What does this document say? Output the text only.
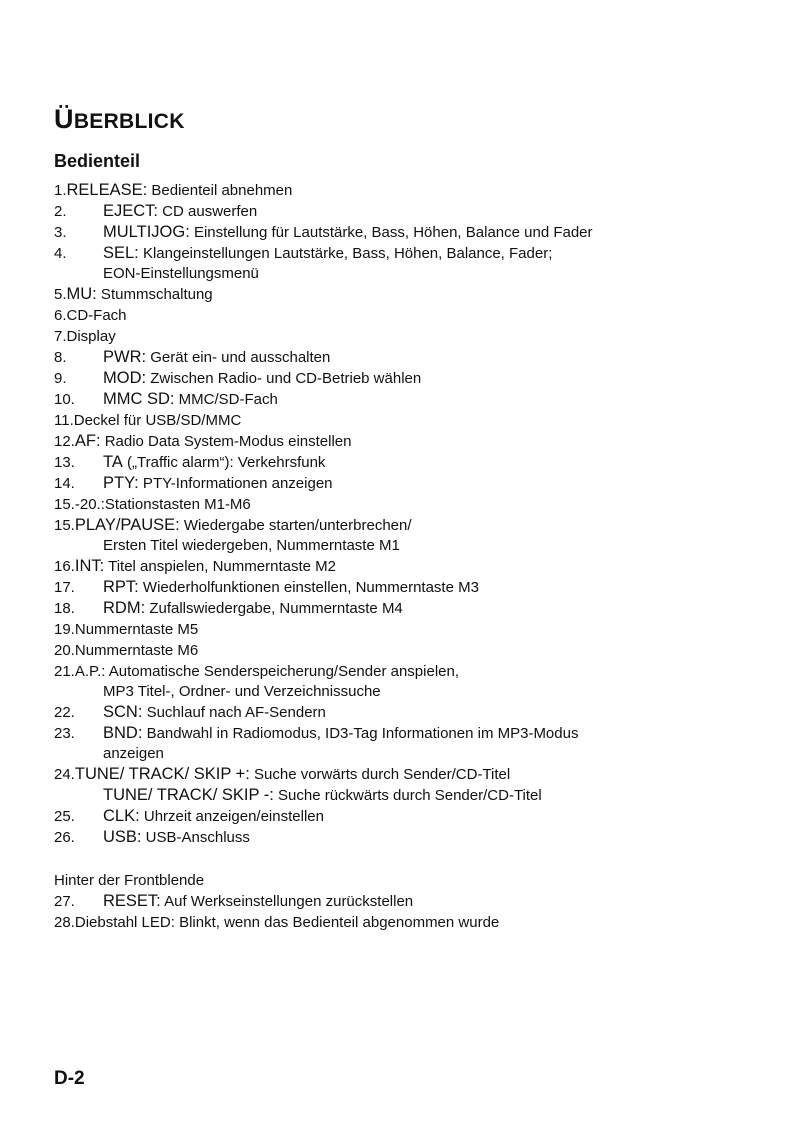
ÜBERBLICK
Bedienteil
1.RELEASE: Bedienteil abnehmen
2. EJECT: CD auswerfen
3. MULTIJOG: Einstellung für Lautstärke, Bass, Höhen, Balance und Fader
4. SEL: Klangeinstellungen Lautstärke, Bass, Höhen, Balance, Fader;
EON-Einstellungsmenü
5.MU: Stummschaltung
6.CD-Fach
7.Display
8. PWR: Gerät ein- und ausschalten
9. MOD: Zwischen Radio- und CD-Betrieb wählen
10. MMC SD: MMC/SD-Fach
11.Deckel für USB/SD/MMC
12.AF: Radio Data System-Modus einstellen
13. TA („Traffic alarm“): Verkehrsfunk
14. PTY: PTY-Informationen anzeigen
15.-20.:Stationstasten M1-M6
15.PLAY/PAUSE: Wiedergabe starten/unterbrechen/
Ersten Titel wiedergeben, Nummerntaste M1
16.INT: Titel anspielen, Nummerntaste M2
17. RPT: Wiederholfunktionen einstellen, Nummerntaste M3
18. RDM: Zufallswiedergabe, Nummerntaste M4
19.Nummerntaste M5
20.Nummerntaste M6
21.A.P.: Automatische Senderspeicherung/Sender anspielen,
MP3 Titel-, Ordner- und Verzeichnissuche
22. SCN: Suchlauf nach AF-Sendern
23. BND: Bandwahl in Radiomodus, ID3-Tag Informationen im MP3-Modus
anzeigen
24.TUNE/ TRACK/ SKIP +: Suche vorwärts durch Sender/CD-Titel
TUNE/ TRACK/ SKIP -: Suche rückwärts durch Sender/CD-Titel
25. CLK: Uhrzeit anzeigen/einstellen
26. USB: USB-Anschluss
Hinter der Frontblende
27. RESET: Auf Werkseinstellungen zurückstellen
28.Diebstahl LED: Blinkt, wenn das Bedienteil abgenommen wurde
D-2
